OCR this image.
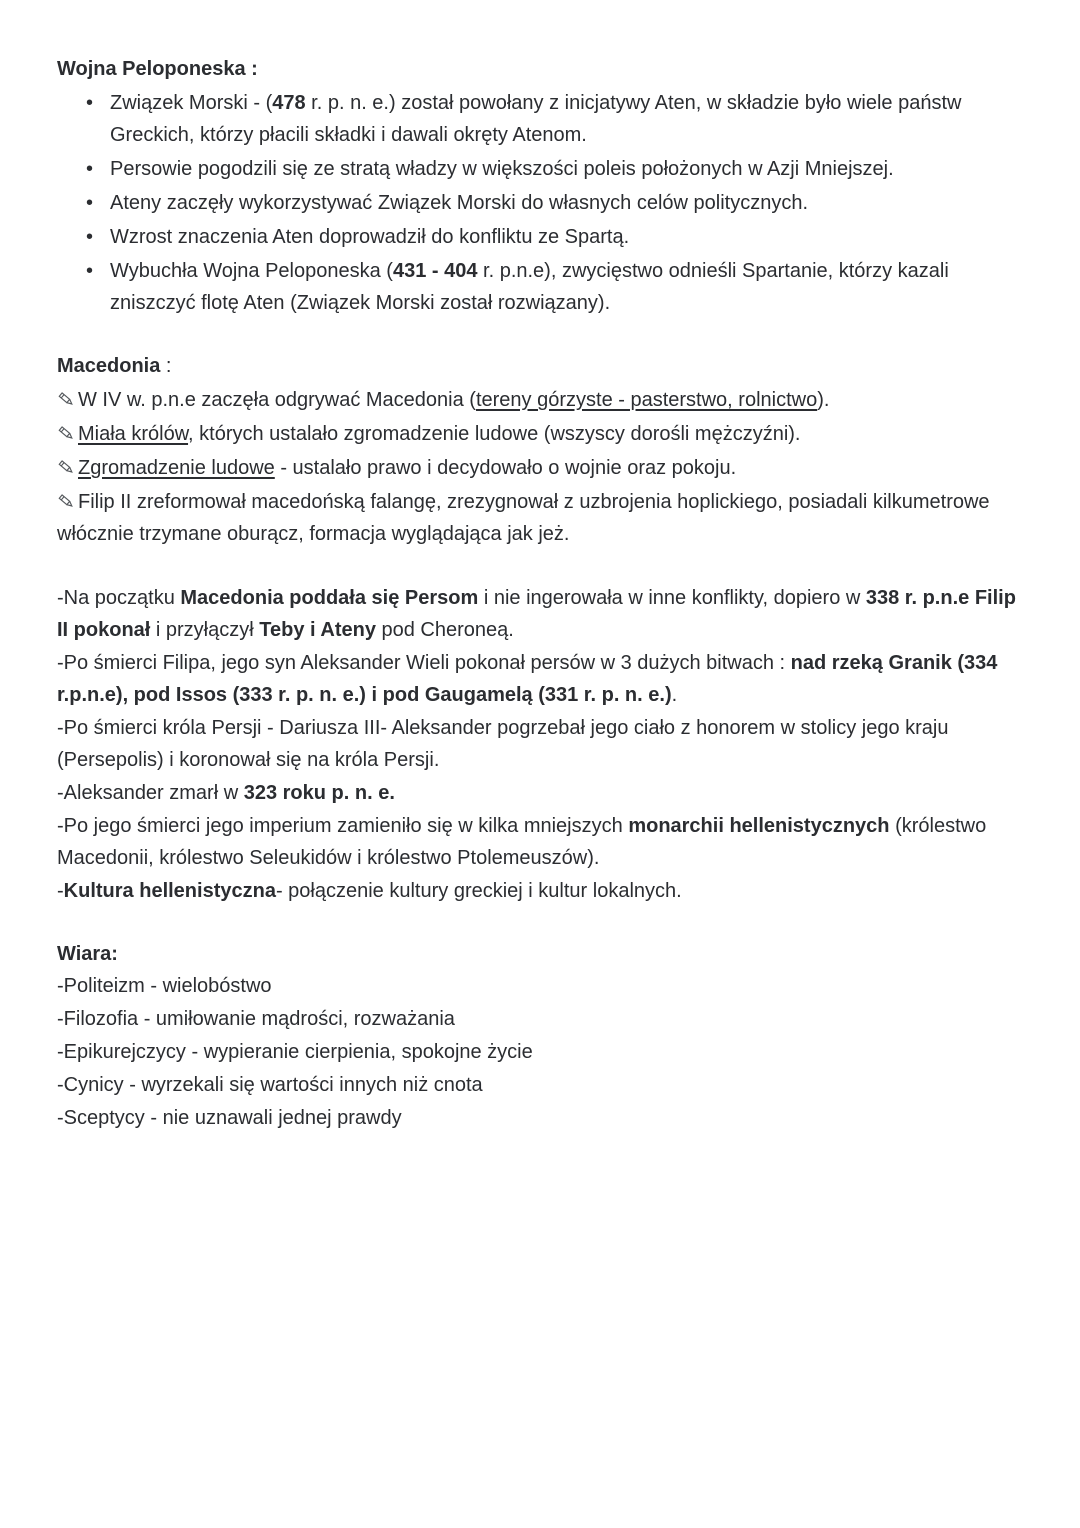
Wojna Peloponeska :
• Związek Morski - (478 r. p. n. e.) został powołany z inicjatywy Aten, w składzie było wiele państw Greckich, którzy płacili składki i dawali okręty Atenom.
• Persowie pogodzili się ze stratą władzy w większości poleis położonych w Azji Mniejszej.
• Ateny zaczęły wykorzystywać Związek Morski do własnych celów politycznych.
• Wzrost znaczenia Aten doprowadził do konfliktu ze Spartą.
• Wybuchła Wojna Peloponeska (431 - 404 r. p.n.e), zwycięstwo odnieśli Spartanie, którzy kazali zniszczyć flotę Aten (Związek Morski został rozwiązany).
Macedonia :
W IV w. p.n.e zaczęła odgrywać Macedonia (tereny górzyste - pasterstwo, rolnictwo).
Miała królów, których ustalało zgromadzenie ludowe (wszyscy dorośli mężczyźni).
Zgromadzenie ludowe - ustalało prawo i decydowało o wojnie oraz pokoju.
Filip II zreformował macedońską falangę, zrezygnował z uzbrojenia hoplickiego, posiadali kilkumetrowe włócznie trzymane oburącz, formacja wyglądająca jak jeż.

-Na początku Macedonia poddała się Persom i nie ingerowała w inne konflikty, dopiero w 338 r. p.n.e Filip II pokonał i przyłączył Teby i Ateny pod Cheroneą.

-Po śmierci Filipa, jego syn Aleksander Wieli pokonał persów w 3 dużych bitwach : nad rzeką Granik (334 r.p.n.e), pod Issos (333 r. p. n. e.) i pod Gaugamelą (331 r. p. n. e.).

-Po śmierci króla Persji - Dariusza III- Aleksander pogrzebał jego ciało z honorem w stolicy jego kraju (Persepolis) i koronował się na króla Persji.

-Aleksander zmarł w 323 roku p. n. e.

-Po jego śmierci jego imperium zamieniło się w kilka mniejszych monarchii hellenistycznych (królestwo Macedonii, królestwo Seleukidów i królestwo Ptolemeuszów).

-Kultura hellenistyczna- połączenie kultury greckiej i kultur lokalnych.

Wiara:

-Politeizm - wielobóstwo

-Filozofia - umiłowanie mądrości, rozważania

-Epikurejczycy - wypieranie cierpienia, spokojne życie

-Cynicy - wyrzekali się wartości innych niż cnota

-Sceptycy - nie uznawali jednej prawdy
